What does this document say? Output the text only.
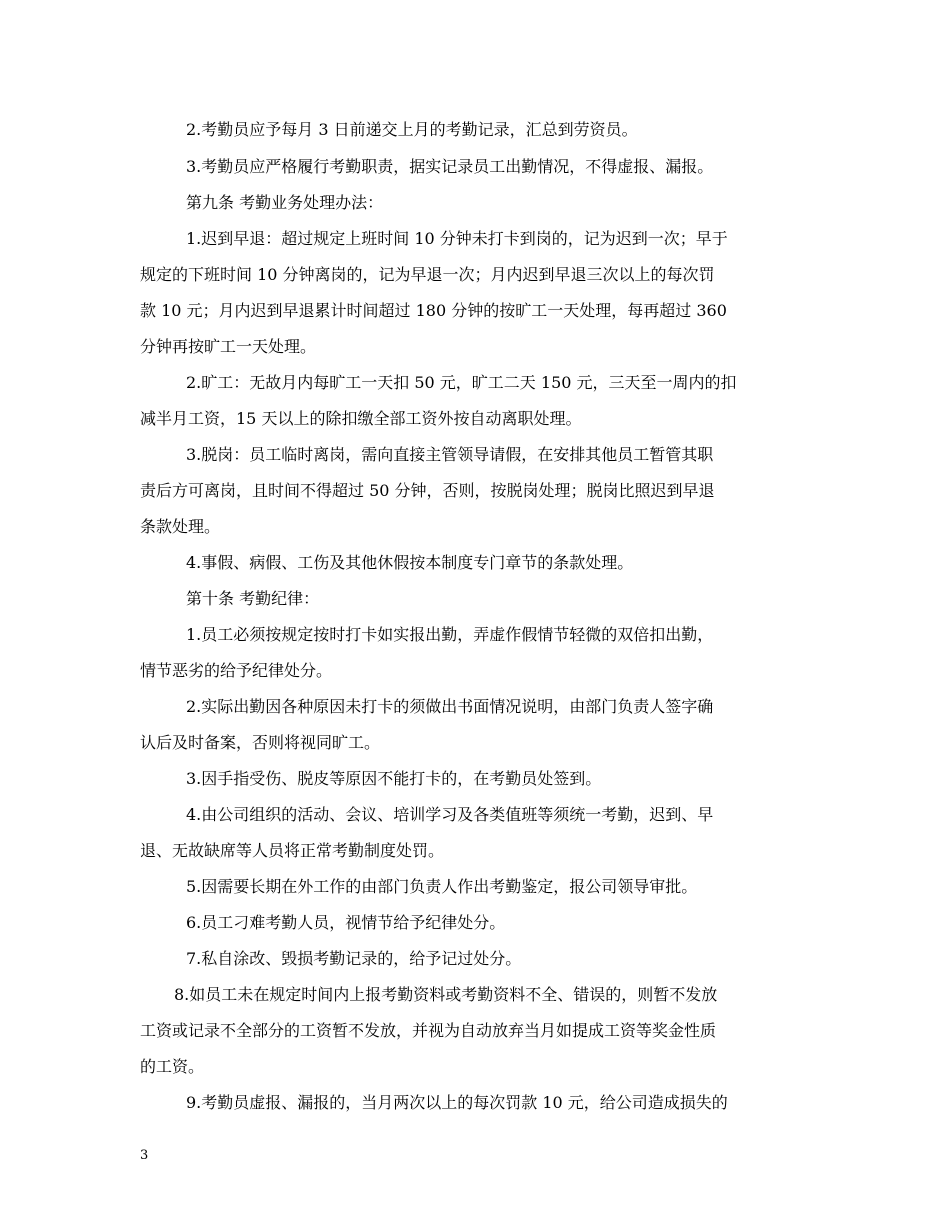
2.考勤员应予每月 3 日前递交上月的考勤记录，汇总到劳资员。
3.考勤员应严格履行考勤职责，据实记录员工出勤情况，不得虚报、漏报。
第九条 考勤业务处理办法：
1.迟到早退：超过规定上班时间 10 分钟未打卡到岗的，记为迟到一次；早于
规定的下班时间 10 分钟离岗的，记为早退一次；月内迟到早退三次以上的每次罚
款 10 元；月内迟到早退累计时间超过 180 分钟的按旷工一天处理，每再超过 360
分钟再按旷工一天处理。
2.旷工：无故月内每旷工一天扣 50 元，旷工二天 150 元，三天至一周内的扣
减半月工资，15 天以上的除扣缴全部工资外按自动离职处理。
3.脱岗：员工临时离岗，需向直接主管领导请假，在安排其他员工暂管其职
责后方可离岗，且时间不得超过 50 分钟，否则，按脱岗处理；脱岗比照迟到早退
条款处理。
4.事假、病假、工伤及其他休假按本制度专门章节的条款处理。
第十条 考勤纪律：
1.员工必须按规定按时打卡如实报出勤，弄虚作假情节轻微的双倍扣出勤，
情节恶劣的给予纪律处分。
2.实际出勤因各种原因未打卡的须做出书面情况说明，由部门负责人签字确
认后及时备案，否则将视同旷工。
3.因手指受伤、脱皮等原因不能打卡的，在考勤员处签到。
4.由公司组织的活动、会议、培训学习及各类值班等须统一考勤，迟到、早
退、无故缺席等人员将正常考勤制度处罚。
5.因需要长期在外工作的由部门负责人作出考勤鉴定，报公司领导审批。
6.员工刁难考勤人员，视情节给予纪律处分。
7.私自涂改、毁损考勤记录的，给予记过处分。
8.如员工未在规定时间内上报考勤资料或考勤资料不全、错误的，则暂不发放
工资或记录不全部分的工资暂不发放，并视为自动放弃当月如提成工资等奖金性质
的工资。
9.考勤员虚报、漏报的，当月两次以上的每次罚款 10 元，给公司造成损失的
3
